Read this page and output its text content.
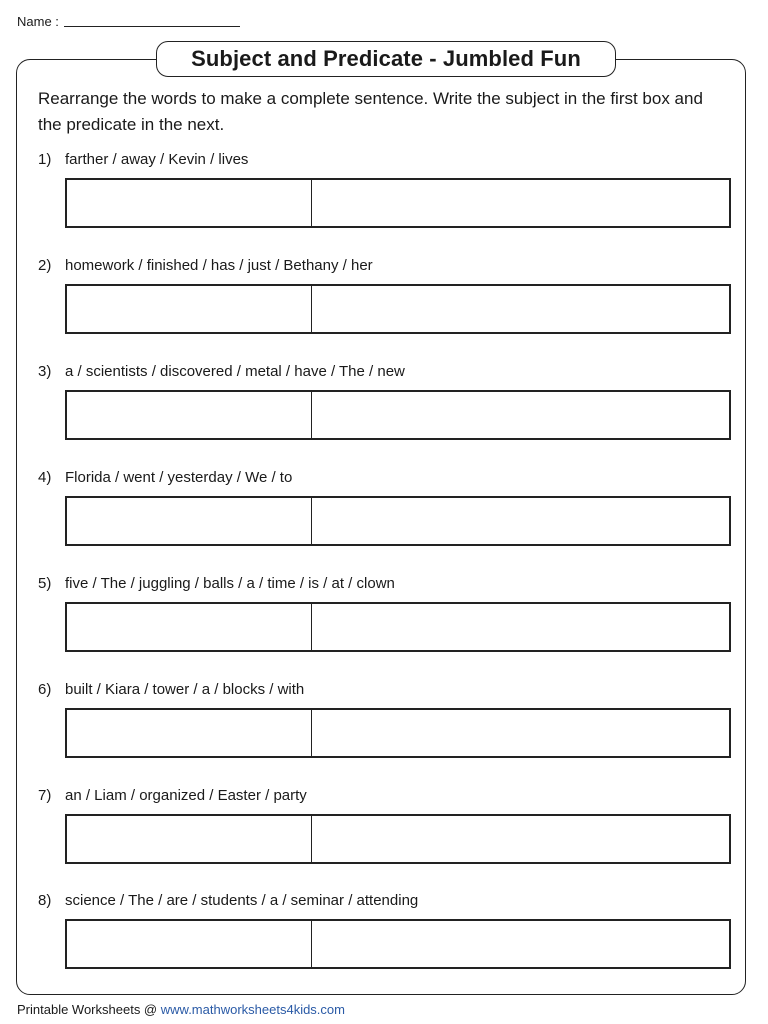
Name :
Subject and Predicate - Jumbled Fun
Rearrange the words to make a complete sentence. Write the subject in the first box and the predicate in the next.
1) farther / away / Kevin / lives
2) homework / finished / has / just / Bethany / her
3) a / scientists / discovered / metal / have / The / new
4) Florida / went / yesterday / We / to
5) five / The / juggling / balls / a / time / is / at / clown
6) built / Kiara / tower / a / blocks / with
7) an / Liam / organized / Easter / party
8) science / The / are / students / a / seminar / attending
Printable Worksheets @ www.mathworksheets4kids.com
